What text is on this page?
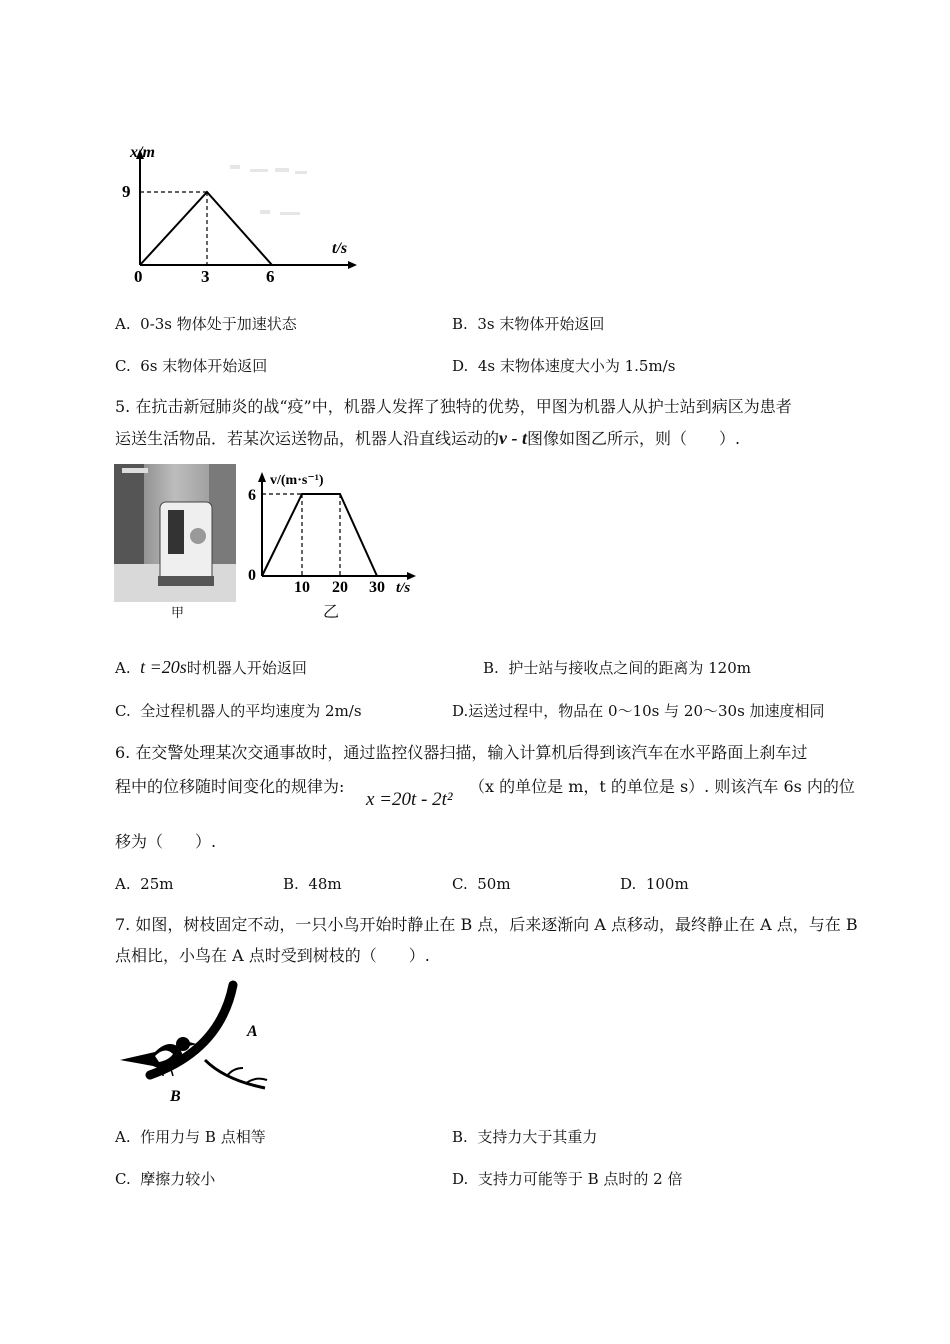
x/m
t/s
9
0	3	6
A. 0-3s 物体处于加速状态	B. 3s 末物体开始返回
C. 6s 末物体开始返回	D. 4s 末物体速度大小为 1.5m/s
5. 在抗击新冠肺炎的战“疫”中，机器人发挥了独特的优势，甲图为机器人从护士站到病区为患者
运送生活物品．若某次运送物品，机器人沿直线运动的v - t图像如图乙所示，则（　　）.
甲
v/(m·s⁻¹)
t/s
6
0
10 20 30
乙
A. t =20s时机器人开始返回	B. 护士站与接收点之间的距离为 120m
C. 全过程机器人的平均速度为 2m/s	D.运送过程中，物品在 0～10s 与 20～30s 加速度相同
6. 在交警处理某次交通事故时，通过监控仪器扫描，输入计算机后得到该汽车在水平路面上刹车过
程中的位移随时间变化的规律为:
x =20t - 2t²
（x 的单位是 m，t 的单位是 s）. 则该汽车 6s 内的位
移为（　　）.
A. 25m	B. 48m	C. 50m	D. 100m
7. 如图，树枝固定不动，一只小鸟开始时静止在 B 点，后来逐渐向 A 点移动，最终静止在 A 点，与在 B
点相比，小鸟在 A 点时受到树枝的（　　）.
A
B
A. 作用力与 B 点相等	B. 支持力大于其重力
C. 摩擦力较小	D. 支持力可能等于 B 点时的 2 倍
